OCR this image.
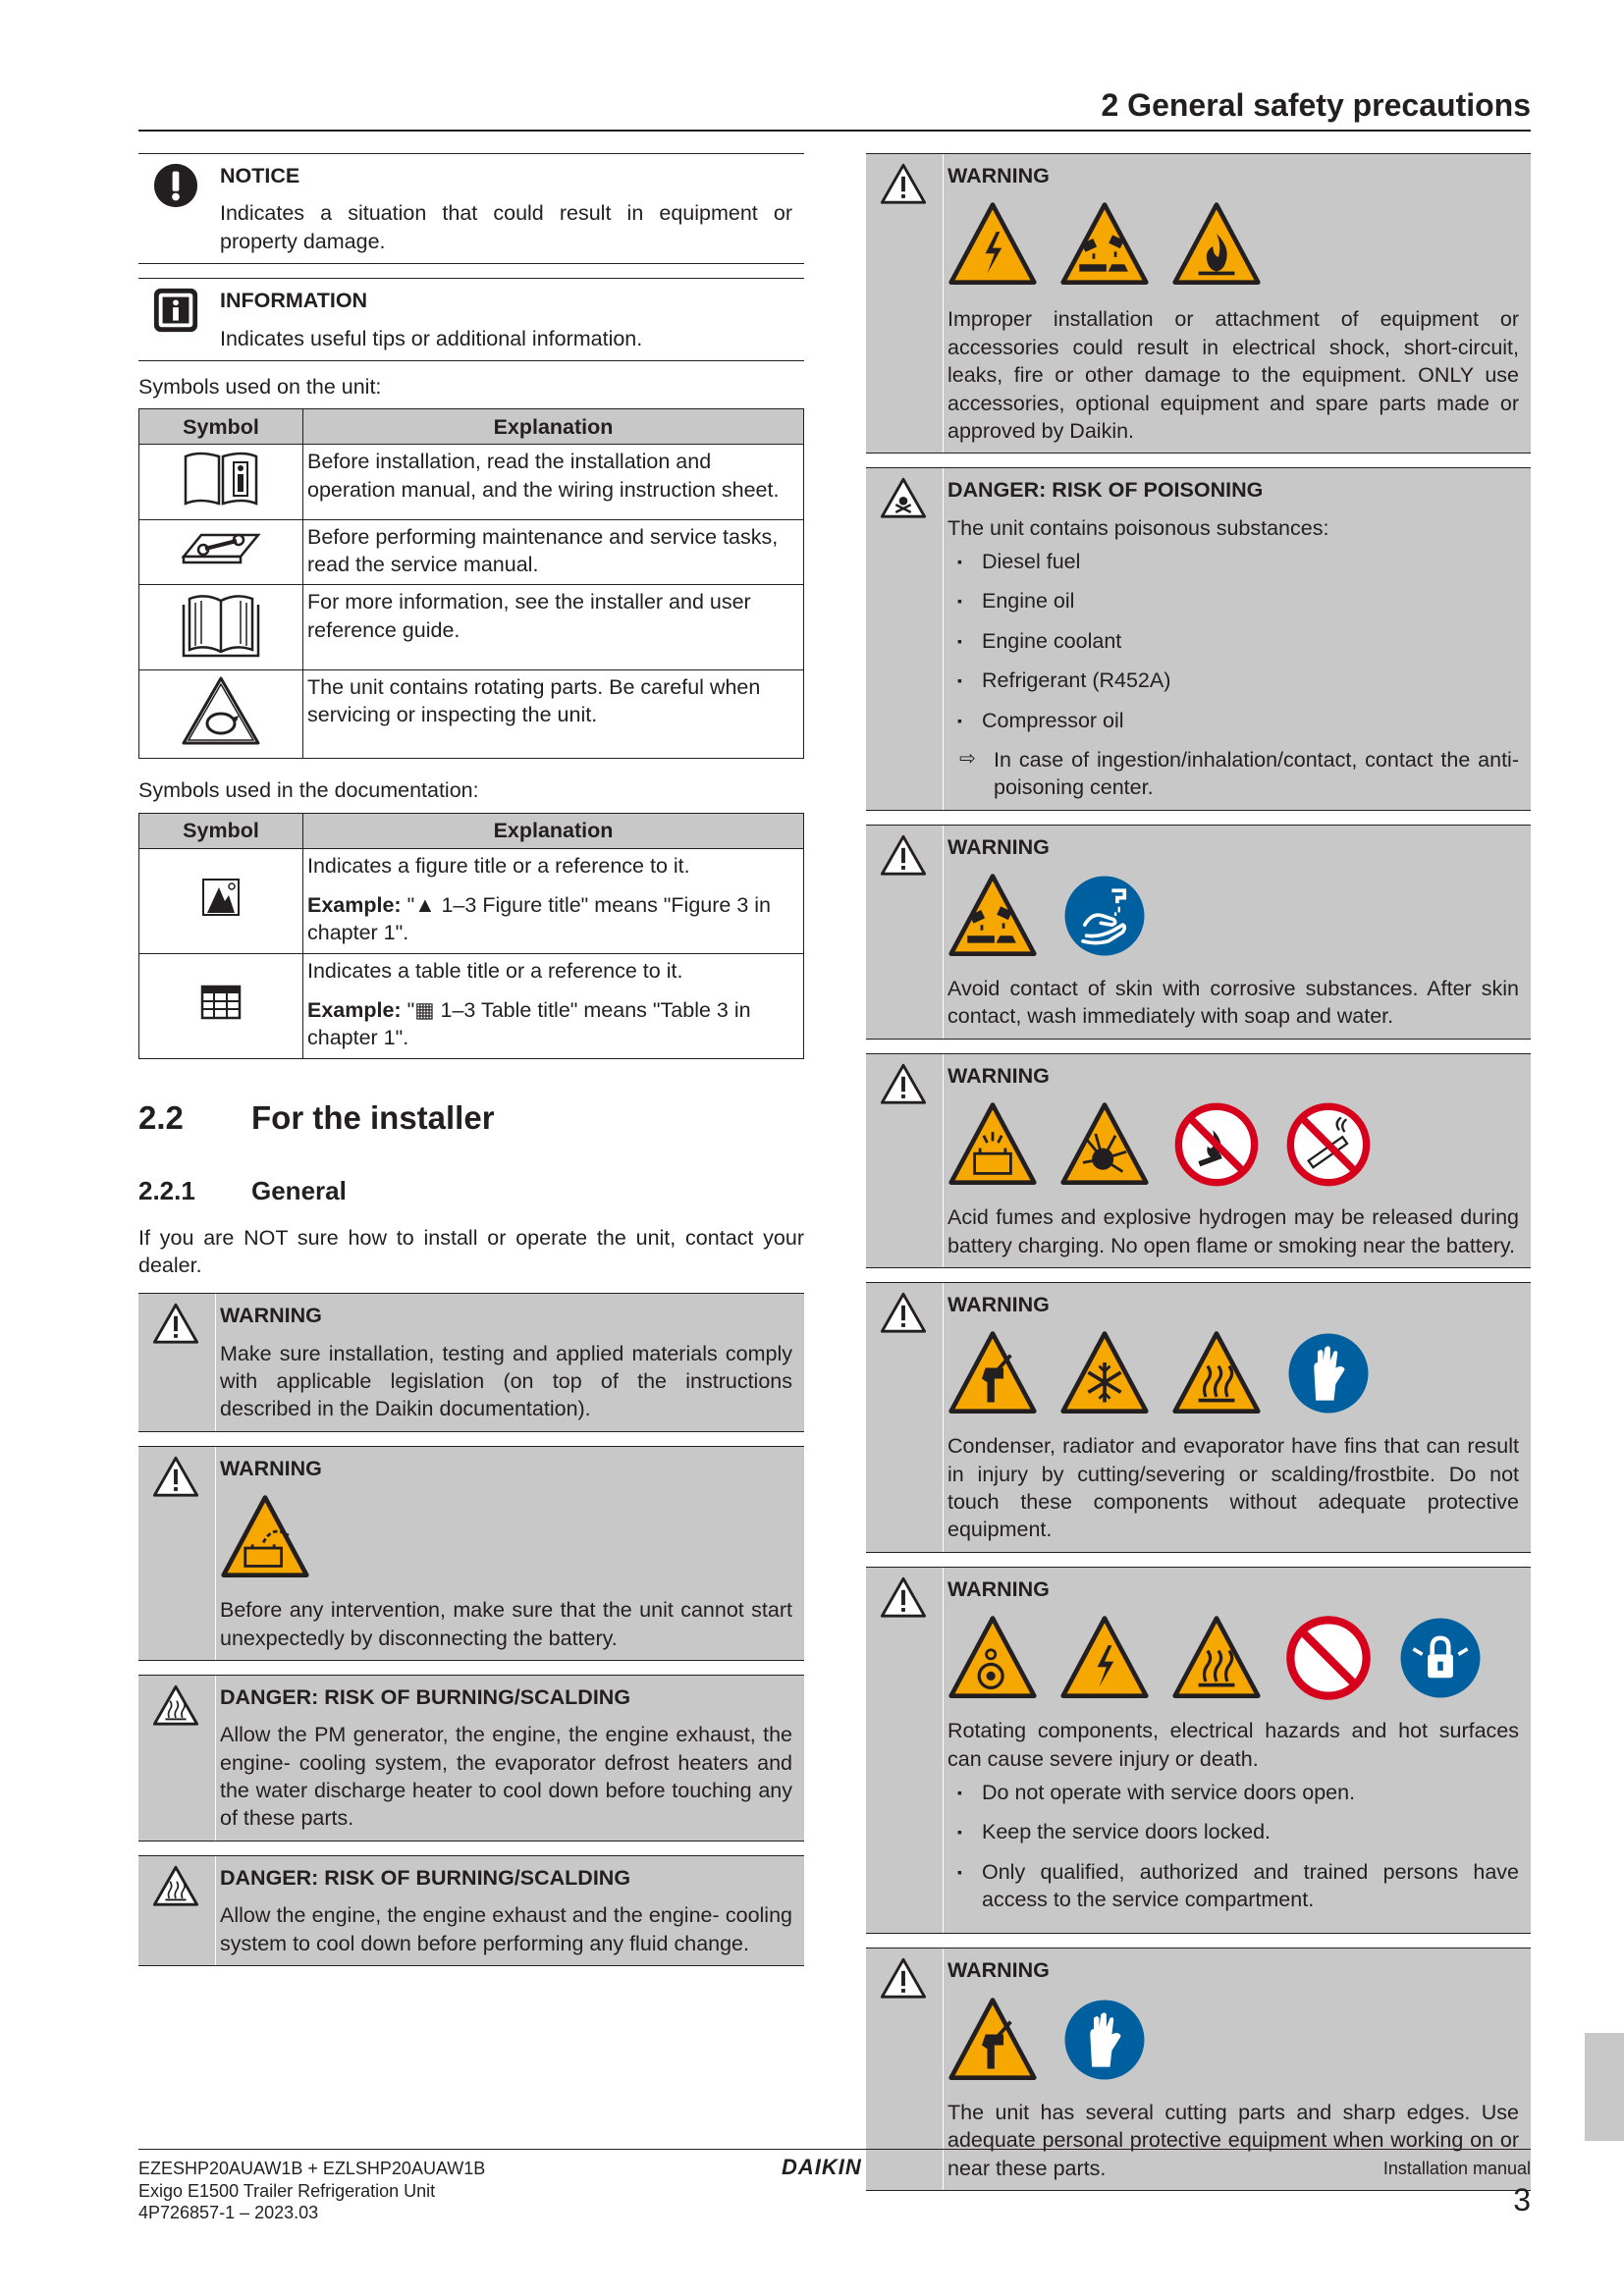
2 General safety precautions
NOTICE
Indicates a situation that could result in equipment or property damage.
INFORMATION
Indicates useful tips or additional information.
Symbols used on the unit:
Symbol	Explanation
	Before installation, read the installation and operation manual, and the wiring instruction sheet.
	Before performing maintenance and service tasks, read the service manual.
	For more information, see the installer and user reference guide.
	The unit contains rotating parts. Be careful when servicing or inspecting the unit.
Symbols used in the documentation:
Symbol	Explanation

Indicates a figure title or a reference to it.
Example: "▲ 1–3 Figure title" means "Figure 3 in chapter 1".

Indicates a table title or a reference to it.
Example: "▦ 1–3 Table title" means "Table 3 in chapter 1".
2.2 For the installer
2.2.1 General
If you are NOT sure how to install or operate the unit, contact your dealer.
WARNING
Make sure installation, testing and applied materials comply with applicable legislation (on top of the instructions described in the Daikin documentation).
WARNING
Before any intervention, make sure that the unit cannot start unexpectedly by disconnecting the battery.
DANGER: RISK OF BURNING/SCALDING
Allow the PM generator, the engine, the engine exhaust, the engine- cooling system, the evaporator defrost heaters and the water discharge heater to cool down before touching any of these parts.
DANGER: RISK OF BURNING/SCALDING
Allow the engine, the engine exhaust and the engine- cooling system to cool down before performing any fluid change.
WARNING
Improper installation or attachment of equipment or accessories could result in electrical shock, short-circuit, leaks, fire or other damage to the equipment. ONLY use accessories, optional equipment and spare parts made or approved by Daikin.
DANGER: RISK OF POISONING
The unit contains poisonous substances:
▪ Diesel fuel
▪ Engine oil
▪ Engine coolant
▪ Refrigerant (R452A)
▪ Compressor oil
⇨ In case of ingestion/inhalation/contact, contact the anti-poisoning center.
WARNING
Avoid contact of skin with corrosive substances. After skin contact, wash immediately with soap and water.
WARNING
Acid fumes and explosive hydrogen may be released during battery charging. No open flame or smoking near the battery.
WARNING
Condenser, radiator and evaporator have fins that can result in injury by cutting/severing or scalding/frostbite. Do not touch these components without adequate protective equipment.
WARNING
Rotating components, electrical hazards and hot surfaces can cause severe injury or death.
▪ Do not operate with service doors open.
▪ Keep the service doors locked.
▪ Only qualified, authorized and trained persons have access to the service compartment.
WARNING
The unit has several cutting parts and sharp edges. Use adequate personal protective equipment when working on or near these parts.
EZESHP20AUAW1B + EZLSHP20AUAW1B
Exigo E1500 Trailer Refrigeration Unit
4P726857-1 – 2023.03
DAIKIN	Installation manual
3
